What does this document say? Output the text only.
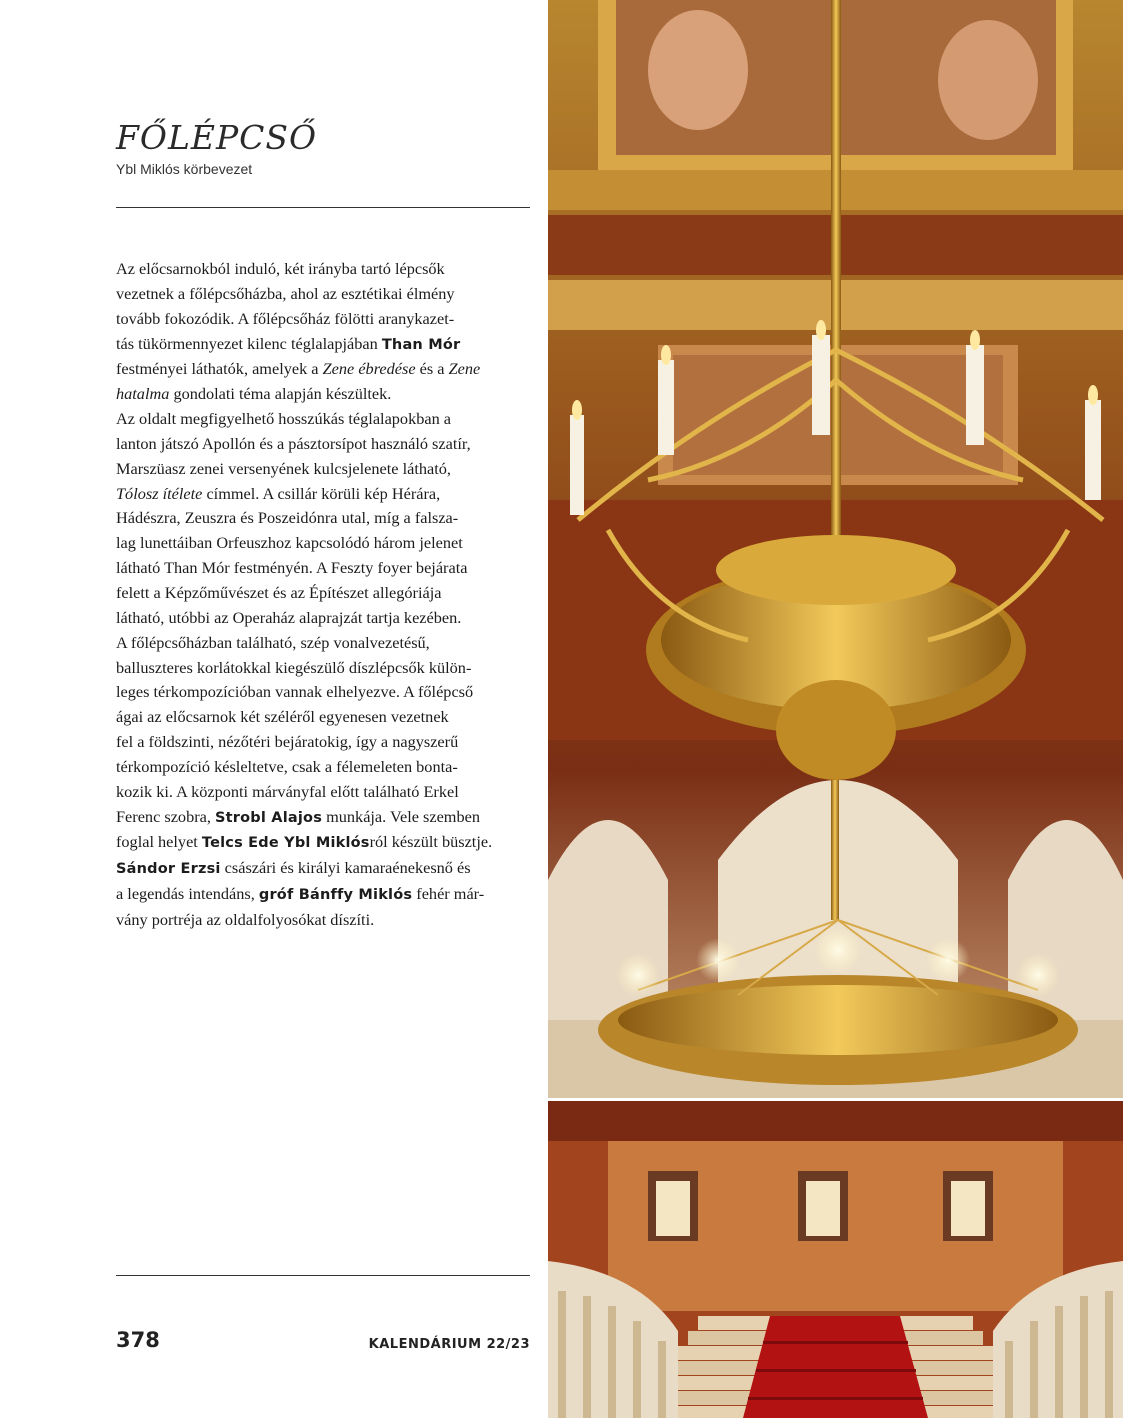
FŐLÉPCSŐ
Ybl Miklós körbevezet
Az előcsarnokból induló, két irányba tartó lépcsők
vezetnek a főlépcsőházba, ahol az esztétikai élmény
tovább fokozódik. A főlépcsőház fölötti aranykazet-
tás tükörmennyezet kilenc téglalapjában Than Mór
festményei láthatók, amelyek a Zene ébredése és a Zene
hatalma gondolati téma alapján készültek.
Az oldalt megfigyelhető hosszúkás téglalapokban a
lanton játszó Apollón és a pásztorsípot használó szatír,
Marszüasz zenei versenyének kulcsjelenete látható,
Tólosz ítélete címmel. A csillár körüli kép Hérára,
Hádészra, Zeuszra és Poszeidónra utal, míg a falsza-
lag lunettáiban Orfeuszhoz kapcsolódó három jelenet
látható Than Mór festményén. A Feszty foyer bejárata
felett a Képzőművészet és az Építészet allegóriája
látható, utóbbi az Operaház alaprajzát tartja kezében.
A főlépcsőházban található, szép vonalvezetésű,
balluszteres korlátokkal kiegészülő díszlépcsők külön-
leges térkompozícióban vannak elhelyezve. A főlépcső
ágai az előcsarnok két széléről egyenesen vezetnek
fel a földszinti, nézőtéri bejáratokig, így a nagyszerű
térkompozíció késleltetve, csak a félemeleten bonta-
kozik ki. A központi márványfal előtt található Erkel
Ferenc szobra, Strobl Alajos munkája. Vele szemben
foglal helyet Telcs Ede Ybl Miklósról készült büsztje.
Sándor Erzsi császári és királyi kamaraénekesnő és
a legendás intendáns, gróf Bánffy Miklós fehér már-
vány portréja az oldalfolyosókat díszíti.
378	KALENDÁRIUM 22/23
